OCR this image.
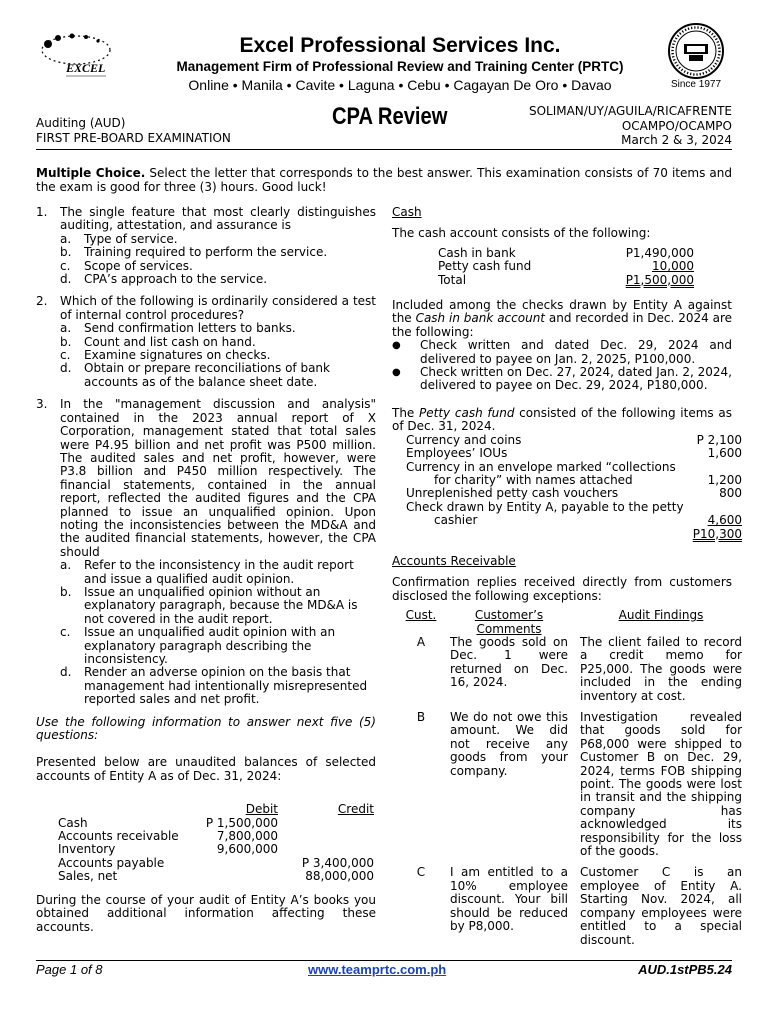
EXCEL
Excel Professional Services Inc.
Management Firm of Professional Review and Training Center (PRTC)
Online • Manila • Cavite • Laguna • Cebu • Cagayan De Oro • Davao	Since 1977
Auditing (AUD)
FIRST PRE-BOARD EXAMINATION
CPA Review	SOLIMAN/UY/AGUILA/RICAFRENTE
OCAMPO/OCAMPO
March 2 & 3, 2024
Multiple Choice. Select the letter that corresponds to the best answer. This examination consists of 70 items and the exam is good for three (3) hours. Good luck!
1.	The single feature that most clearly distinguishes auditing, attestation, and assurance is
a.	Type of service.
b.	Training required to perform the service.
c.	Scope of services.
d.	CPA’s approach to the service.
2.	Which of the following is ordinarily considered a test of internal control procedures?
a.	Send confirmation letters to banks.
b.	Count and list cash on hand.
c.	Examine signatures on checks.
d.	Obtain or prepare reconciliations of bank accounts as of the balance sheet date.
3.	In the "management discussion and analysis" contained in the 2023 annual report of X Corporation, management stated that total sales were P4.95 billion and net profit was P500 million. The audited sales and net profit, however, were P3.8 billion and P450 million respectively. The financial statements, contained in the annual report, reflected the audited figures and the CPA planned to issue an unqualified opinion. Upon noting the inconsistencies between the MD&A and the audited financial statements, however, the CPA should
a.	Refer to the inconsistency in the audit report and issue a qualified audit opinion.
b.	Issue an unqualified opinion without an explanatory paragraph, because the MD&A is not covered in the audit report.
c.	Issue an unqualified audit opinion with an explanatory paragraph describing the inconsistency.
d.	Render an adverse opinion on the basis that management had intentionally misrepresented reported sales and net profit.
Use the following information to answer next five (5) questions:
Presented below are unaudited balances of selected accounts of Entity A as of Dec. 31, 2024:
	Debit	Credit
Cash	P 1,500,000	
Accounts receivable	7,800,000	
Inventory	9,600,000	
Accounts payable		P 3,400,000
Sales, net		88,000,000
During the course of your audit of Entity A’s books you obtained additional information affecting these accounts.
Cash
The cash account consists of the following:
Cash in bank	P1,490,000
Petty cash fund	10,000
Total	P1,500,000
Included among the checks drawn by Entity A against the Cash in bank account and recorded in Dec. 2024 are the following:
●	Check written and dated Dec. 29, 2024 and delivered to payee on Jan. 2, 2025, P100,000.
●	Check written on Dec. 27, 2024, dated Jan. 2, 2024, delivered to payee on Dec. 29, 2024, P180,000.
The Petty cash fund consisted of the following items as of Dec. 31, 2024.
Currency and coins	P 2,100
Employees’ IOUs	1,600
Currency in an envelope marked “collections	
for charity” with names attached	1,200
Unreplenished petty cash vouchers	800
Check drawn by Entity A, payable to the petty	
cashier	4,600
	P10,300
Accounts Receivable
Confirmation replies received directly from customers disclosed the following exceptions:
Cust.	Customer’s Comments	Audit Findings
A	The goods sold on Dec. 1 were returned on Dec. 16, 2024.	The client failed to record a credit memo for P25,000. The goods were included in the ending inventory at cost.
B	We do not owe this amount. We did not receive any goods from your company.	Investigation revealed that goods sold for P68,000 were shipped to Customer B on Dec. 29, 2024, terms FOB shipping point. The goods were lost in transit and the shipping company has acknowledged its responsibility for the loss of the goods.
C	I am entitled to a 10% employee discount. Your bill should be reduced by P8,000.	Customer C is an employee of Entity A. Starting Nov. 2024, all company employees were entitled to a special discount.
Page 1 of 8	www.teamprtc.com.ph	AUD.1stPB5.24
